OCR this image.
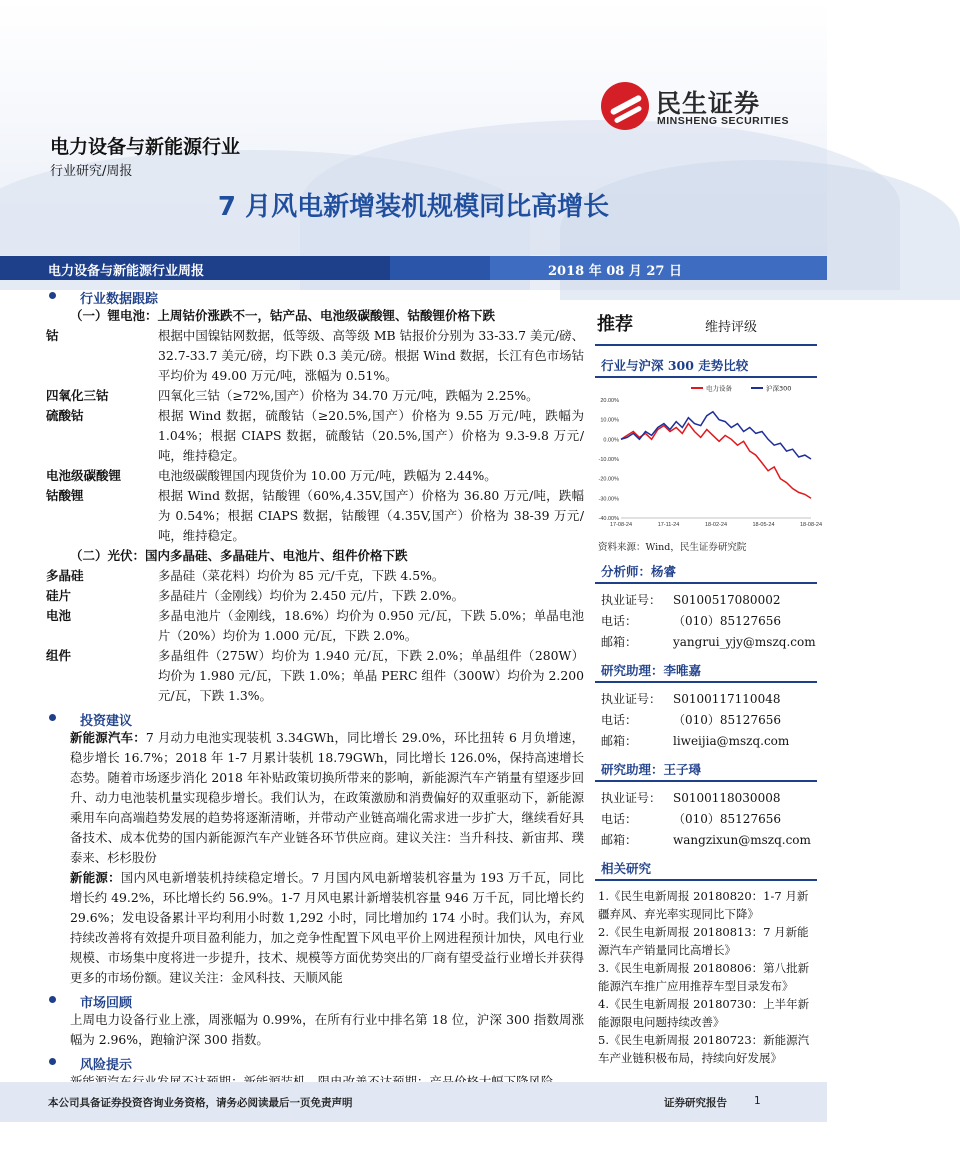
民生证券
MINSHENG SECURITIES
电力设备与新能源行业
行业研究/周报
7 月风电新增装机规模同比高增长
电力设备与新能源行业周报	2018 年 08 月 27 日
行业数据跟踪
（一）锂电池：上周钴价涨跌不一，钴产品、电池级碳酸锂、钴酸锂价格下跌
钴	根据中国镍钴网数据，低等级、高等级 MB 钴报价分别为 33-33.7 美元/磅、32.7-33.7 美元/磅，均下跌 0.3 美元/磅。根据 Wind 数据，长江有色市场钴平均价为 49.00 万元/吨，涨幅为 0.51%。
四氧化三钴	四氧化三钴（≥72%,国产）价格为 34.70 万元/吨，跌幅为 2.25%。
硫酸钴	根据 Wind 数据，硫酸钴（≥20.5%,国产）价格为 9.55 万元/吨，跌幅为 1.04%；根据 CIAPS 数据，硫酸钴（20.5%,国产）价格为 9.3-9.8 万元/吨，维持稳定。
电池级碳酸锂	电池级碳酸锂国内现货价为 10.00 万元/吨，跌幅为 2.44%。
钴酸锂	根据 Wind 数据，钴酸锂（60%,4.35V,国产）价格为 36.80 万元/吨，跌幅为 0.54%；根据 CIAPS 数据，钴酸锂（4.35V,国产）价格为 38-39 万元/吨，维持稳定。
（二）光伏：国内多晶硅、多晶硅片、电池片、组件价格下跌
多晶硅	多晶硅（菜花料）均价为 85 元/千克，下跌 4.5%。
硅片	多晶硅片（金刚线）均价为 2.450 元/片，下跌 2.0%。
电池	多晶电池片（金刚线，18.6%）均价为 0.950 元/瓦，下跌 5.0%；单晶电池片（20%）均价为 1.000 元/瓦，下跌 2.0%。
组件	多晶组件（275W）均价为 1.940 元/瓦，下跌 2.0%；单晶组件（280W）均价为 1.980 元/瓦，下跌 1.0%；单晶 PERC 组件（300W）均价为 2.200 元/瓦，下跌 1.3%。
投资建议
新能源汽车：7 月动力电池实现装机 3.34GWh，同比增长 29.0%，环比扭转 6 月负增速，稳步增长 16.7%；2018 年 1-7 月累计装机 18.79GWh，同比增长 126.0%，保持高速增长态势。随着市场逐步消化 2018 年补贴政策切换所带来的影响，新能源汽车产销量有望逐步回升、动力电池装机量实现稳步增长。我们认为，在政策激励和消费偏好的双重驱动下，新能源乘用车向高端趋势发展的趋势将逐渐清晰，并带动产业链高端化需求进一步扩大，继续看好具备技术、成本优势的国内新能源汽车产业链各环节供应商。建议关注：当升科技、新宙邦、璞泰来、杉杉股份
新能源：国内风电新增装机持续稳定增长。7 月国内风电新增装机容量为 193 万千瓦，同比增长约 49.2%，环比增长约 56.9%。1-7 月风电累计新增装机容量 946 万千瓦，同比增长约 29.6%；发电设备累计平均利用小时数 1,292 小时，同比增加约 174 小时。我们认为，弃风持续改善将有效提升项目盈利能力，加之竞争性配置下风电平价上网进程预计加快，风电行业规模、市场集中度将进一步提升，技术、规模等方面优势突出的厂商有望受益行业增长并获得更多的市场份额。建议关注：金风科技、天顺风能
市场回顾
上周电力设备行业上涨，周涨幅为 0.99%，在所有行业中排名第 18 位，沪深 300 指数周涨幅为 2.96%，跑输沪深 300 指数。
风险提示
推荐	维持评级
行业与沪深 300 走势比较
20.00%
10.00%
0.00%
-10.00%
-20.00%
-30.00%
-40.00%
17-08-24	17-11-24	18-02-24	18-05-24	18-08-24
电力设备	沪深300
资料来源：Wind，民生证券研究院
分析师：杨睿
执业证号： S0100517080002
电话：	（010）85127656
邮箱：	yangrui_yjy@mszq.com
研究助理：李唯嘉
执业证号： S0100117110048
电话：	（010）85127656
邮箱：	liweijia@mszq.com
研究助理：王子璕
执业证号： S0100118030008
电话：	（010）85127656
邮箱：	wangzixun@mszq.com
相关研究
1.《民生电新周报 20180820：1-7 月新疆弃风、弃光率实现同比下降》
2.《民生电新周报 20180813：7 月新能源汽车产销量同比高增长》
3.《民生电新周报 20180806：第八批新能源汽车推广应用推荐车型目录发布》
4.《民生电新周报 20180730：上半年新能源限电问题持续改善》
5.《民生电新周报 20180723：新能源汽车产业链积极布局，持续向好发展》
本公司具备证券投资咨询业务资格，请务必阅读最后一页免责声明	证券研究报告	1
